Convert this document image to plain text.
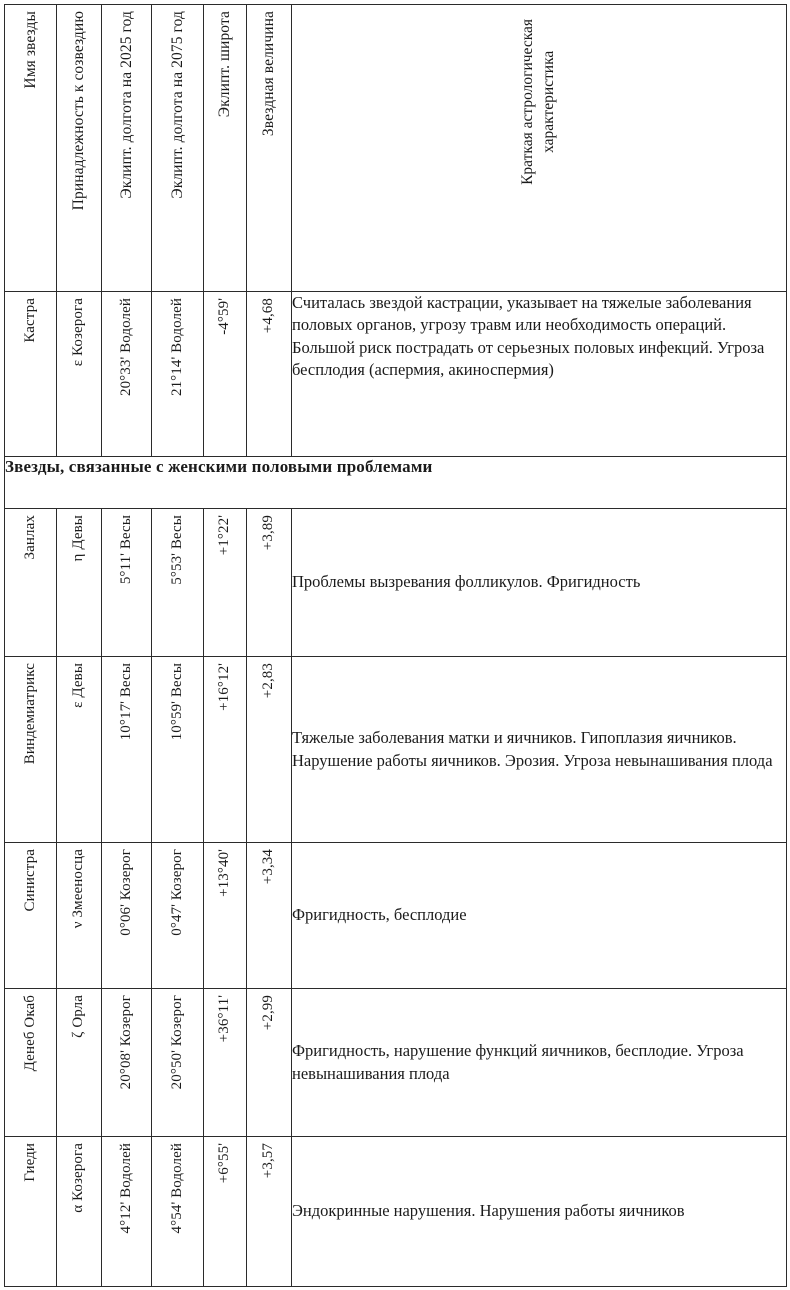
Имя звезды	Принадлежность к созвездию	Эклипт. долгота на 2025 год	Эклипт. долгота на 2075 год	Эклипт. широта	Звездная величина	Краткая астрологическая характеристика

Кастра	ε Козерога	20°33' Водолей	21°14' Водолей	-4°59'	+4,68	Считалась звездой кастрации, указывает на тяжелые заболевания половых органов, угрозу травм или необходимость операций. Большой риск пострадать от серьезных половых инфекций. Угроза бесплодия (аспермия, акиноспермия)

Звезды, связанные с женскими половыми проблемами						

Занлах	η Девы	5°11' Весы	5°53' Весы	+1°22'	+3,89	Проблемы вызревания фолликулов. Фригидность

Виндемиатрикс	ε Девы	10°17' Весы	10°59' Весы	+16°12'	+2,83	Тяжелые заболевания матки и яичников. Гипоплазия яичников. Нарушение работы яичников. Эрозия. Угроза невынашивания плода

Синистра	ν Змееносца	0°06' Козерог	0°47' Козерог	+13°40'	+3,34	Фригидность, бесплодие

Денеб Окаб	ζ Орла	20°08' Козерог	20°50' Козерог	+36°11'	+2,99	Фригидность, нарушение функций яичников, бесплодие. Угроза невынашивания плода

Гиеди	α Козерога	4°12' Водолей	4°54' Водолей	+6°55'	+3,57	Эндокринные нарушения. Нарушения работы яичников
